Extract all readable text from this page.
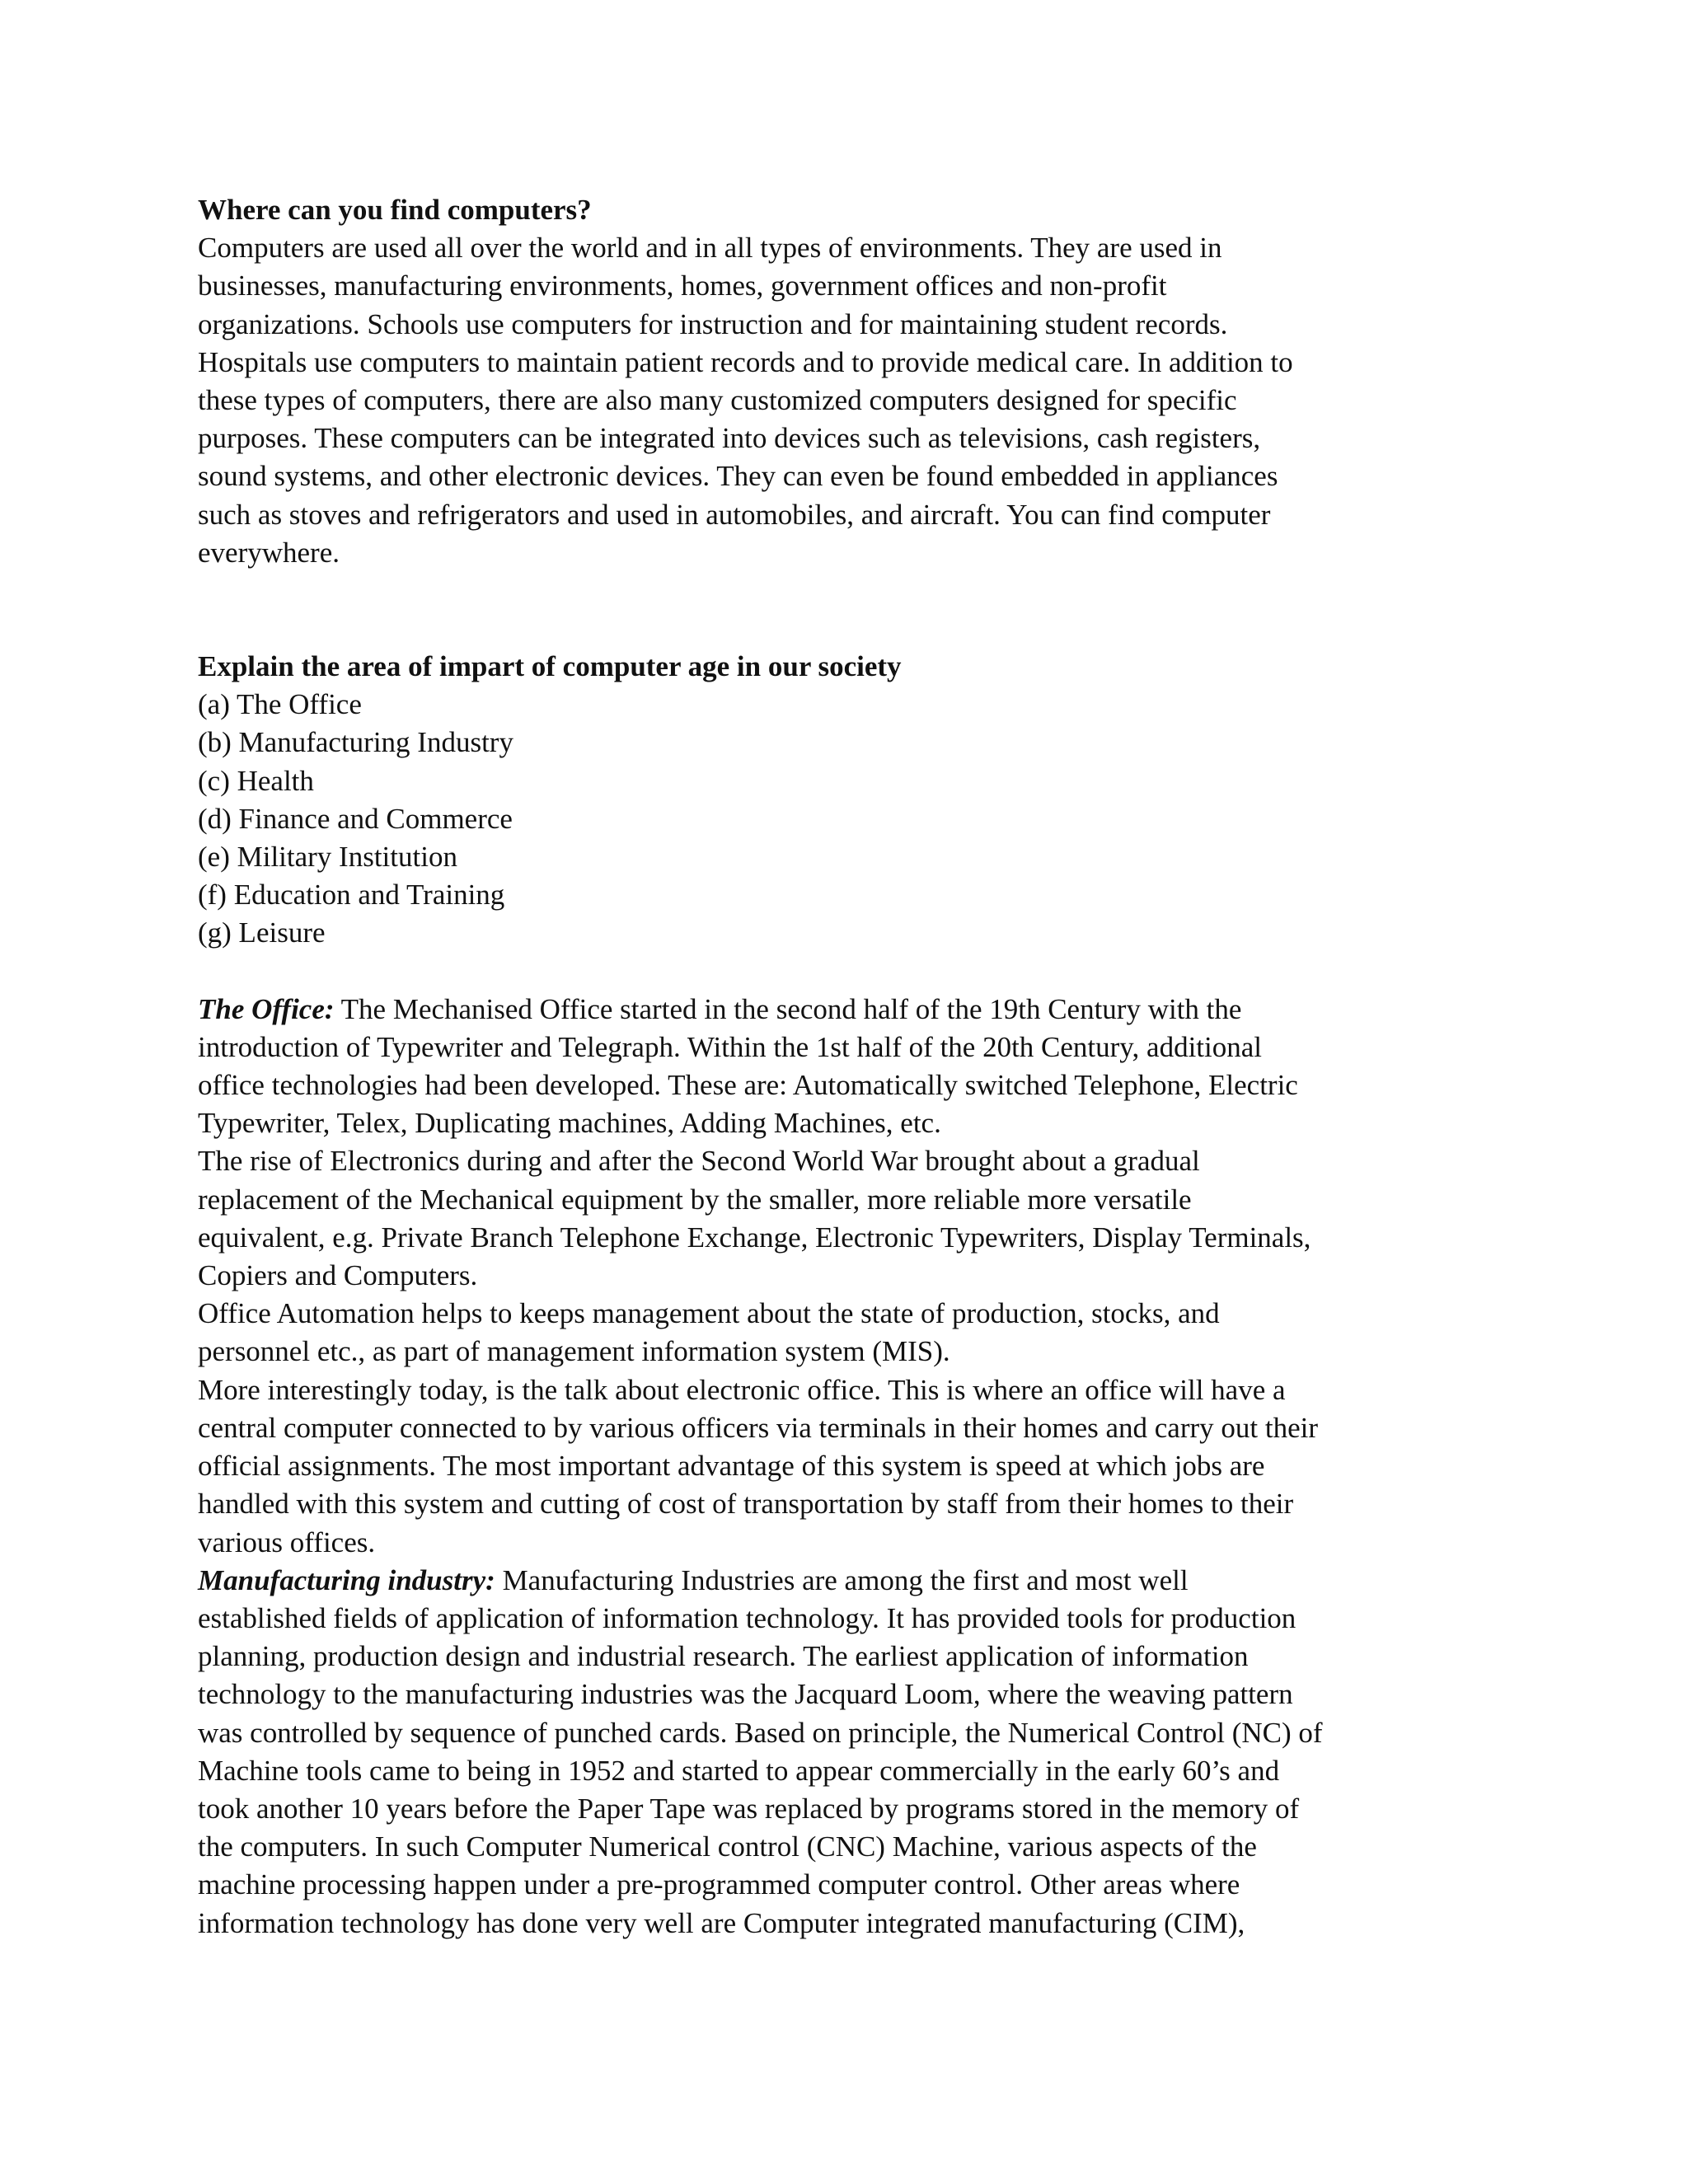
Where can you find computers?
Computers are used all over the world and in all types of environments. They are used in
businesses, manufacturing environments, homes, government offices and non-profit
organizations. Schools use computers for instruction and for maintaining student records.
Hospitals use computers to maintain patient records and to provide medical care. In addition to
these types of computers, there are also many customized computers designed for specific
purposes. These computers can be integrated into devices such as televisions, cash registers,
sound systems, and other electronic devices. They can even be found embedded in appliances
such as stoves and refrigerators and used in automobiles, and aircraft. You can find computer
everywhere.
Explain the area of impart of computer age in our society
(a) The Office
(b) Manufacturing Industry
(c) Health
(d) Finance and Commerce
(e) Military Institution
(f) Education and Training
(g) Leisure
The Office: The Mechanised Office started in the second half of the 19th Century with the
introduction of Typewriter and Telegraph. Within the 1st half of the 20th Century, additional
office technologies had been developed. These are: Automatically switched Telephone, Electric
Typewriter, Telex, Duplicating machines, Adding Machines, etc.
The rise of Electronics during and after the Second World War brought about a gradual
replacement of the Mechanical equipment by the smaller, more reliable more versatile
equivalent, e.g. Private Branch Telephone Exchange, Electronic Typewriters, Display Terminals,
Copiers and Computers.
Office Automation helps to keeps management about the state of production, stocks, and
personnel etc., as part of management information system (MIS).
More interestingly today, is the talk about electronic office. This is where an office will have a
central computer connected to by various officers via terminals in their homes and carry out their
official assignments. The most important advantage of this system is speed at which jobs are
handled with this system and cutting of cost of transportation by staff from their homes to their
various offices.
Manufacturing industry: Manufacturing Industries are among the first and most well
established fields of application of information technology. It has provided tools for production
planning, production design and industrial research. The earliest application of information
technology to the manufacturing industries was the Jacquard Loom, where the weaving pattern
was controlled by sequence of punched cards. Based on principle, the Numerical Control (NC) of
Machine tools came to being in 1952 and started to appear commercially in the early 60’s and
took another 10 years before the Paper Tape was replaced by programs stored in the memory of
the computers. In such Computer Numerical control (CNC) Machine, various aspects of the
machine processing happen under a pre-programmed computer control. Other areas where
information technology has done very well are Computer integrated manufacturing (CIM),
